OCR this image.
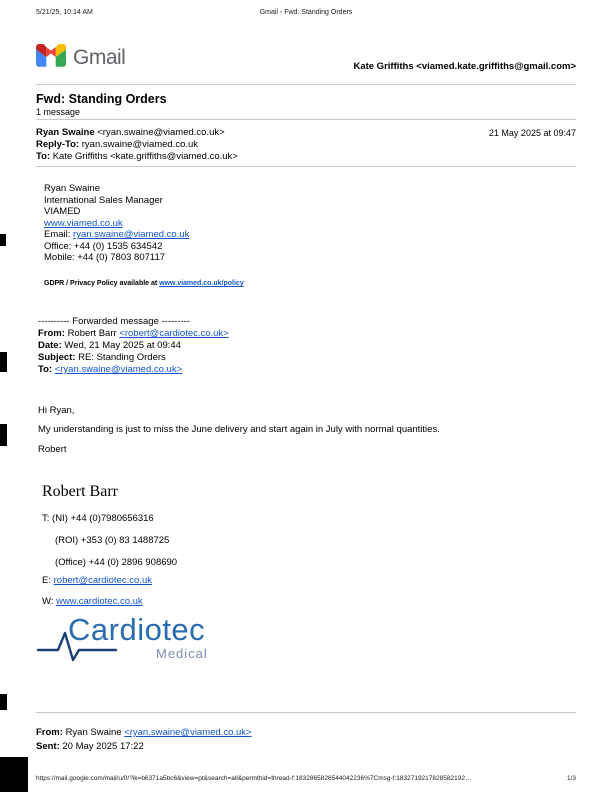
5/21/25, 10:14 AM	Gmail - Fwd: Standing Orders
Gmail	Kate Griffiths <viamed.kate.griffiths@gmail.com>
Fwd: Standing Orders
1 message
Ryan Swaine <ryan.swaine@viamed.co.uk>	21 May 2025 at 09:47
Reply-To: ryan.swaine@viamed.co.uk
To: Kate Griffiths <kate.griffiths@viamed.co.uk>
Ryan Swaine
International Sales Manager
VIAMED
www.viamed.co.uk
Email: ryan.swaine@viamed.co.uk
Office: +44 (0) 1535 634542
Mobile: +44 (0) 7803 807117
GDPR / Privacy Policy available at www.viamed.co.uk/policy
---------- Forwarded message ---------
From: Robert Barr <robert@cardiotec.co.uk>
Date: Wed, 21 May 2025 at 09:44
Subject: RE: Standing Orders
To: <ryan.swaine@viamed.co.uk>
Hi Ryan,
My understanding is just to miss the June delivery and start again in July with normal quantities.
Robert
Robert Barr
T: (NI) +44 (0)7980656316
(ROI) +353 (0) 83 1488725
(Office) +44 (0) 2896 908690
E: robert@cardiotec.co.uk
W: www.cardiotec.co.uk
Cardiotec
Medical
From: Ryan Swaine <ryan.swaine@viamed.co.uk>
Sent: 20 May 2025 17:22
https://mail.google.com/mail/u/0/?ik=b6371a5bc6&view=pt&search=all&permthid=thread-f:1832865826544042236%7Cmsg-f:1832719217828582192…	1/3
